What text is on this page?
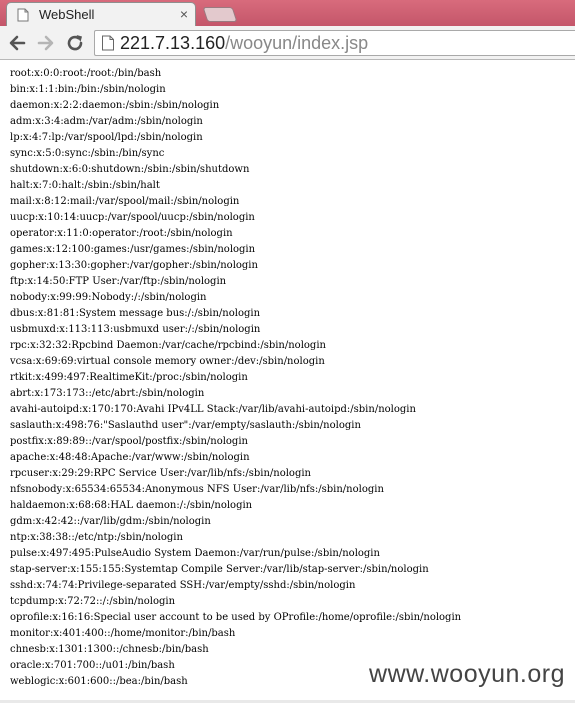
WebShell	×
221.7.13.160/wooyun/index.jsp
root:x:0:0:root:/root:/bin/bash
bin:x:1:1:bin:/bin:/sbin/nologin
daemon:x:2:2:daemon:/sbin:/sbin/nologin
adm:x:3:4:adm:/var/adm:/sbin/nologin
lp:x:4:7:lp:/var/spool/lpd:/sbin/nologin
sync:x:5:0:sync:/sbin:/bin/sync
shutdown:x:6:0:shutdown:/sbin:/sbin/shutdown
halt:x:7:0:halt:/sbin:/sbin/halt
mail:x:8:12:mail:/var/spool/mail:/sbin/nologin
uucp:x:10:14:uucp:/var/spool/uucp:/sbin/nologin
operator:x:11:0:operator:/root:/sbin/nologin
games:x:12:100:games:/usr/games:/sbin/nologin
gopher:x:13:30:gopher:/var/gopher:/sbin/nologin
ftp:x:14:50:FTP User:/var/ftp:/sbin/nologin
nobody:x:99:99:Nobody:/:/sbin/nologin
dbus:x:81:81:System message bus:/:/sbin/nologin
usbmuxd:x:113:113:usbmuxd user:/:/sbin/nologin
rpc:x:32:32:Rpcbind Daemon:/var/cache/rpcbind:/sbin/nologin
vcsa:x:69:69:virtual console memory owner:/dev:/sbin/nologin
rtkit:x:499:497:RealtimeKit:/proc:/sbin/nologin
abrt:x:173:173::/etc/abrt:/sbin/nologin
avahi-autoipd:x:170:170:Avahi IPv4LL Stack:/var/lib/avahi-autoipd:/sbin/nologin
saslauth:x:498:76:"Saslauthd user":/var/empty/saslauth:/sbin/nologin
postfix:x:89:89::/var/spool/postfix:/sbin/nologin
apache:x:48:48:Apache:/var/www:/sbin/nologin
rpcuser:x:29:29:RPC Service User:/var/lib/nfs:/sbin/nologin
nfsnobody:x:65534:65534:Anonymous NFS User:/var/lib/nfs:/sbin/nologin
haldaemon:x:68:68:HAL daemon:/:/sbin/nologin
gdm:x:42:42::/var/lib/gdm:/sbin/nologin
ntp:x:38:38::/etc/ntp:/sbin/nologin
pulse:x:497:495:PulseAudio System Daemon:/var/run/pulse:/sbin/nologin
stap-server:x:155:155:Systemtap Compile Server:/var/lib/stap-server:/sbin/nologin
sshd:x:74:74:Privilege-separated SSH:/var/empty/sshd:/sbin/nologin
tcpdump:x:72:72::/:/sbin/nologin
oprofile:x:16:16:Special user account to be used by OProfile:/home/oprofile:/sbin/nologin
monitor:x:401:400::/home/monitor:/bin/bash
chnesb:x:1301:1300::/chnesb:/bin/bash
oracle:x:701:700::/u01:/bin/bash
weblogic:x:601:600::/bea:/bin/bash	www.wooyun.org
